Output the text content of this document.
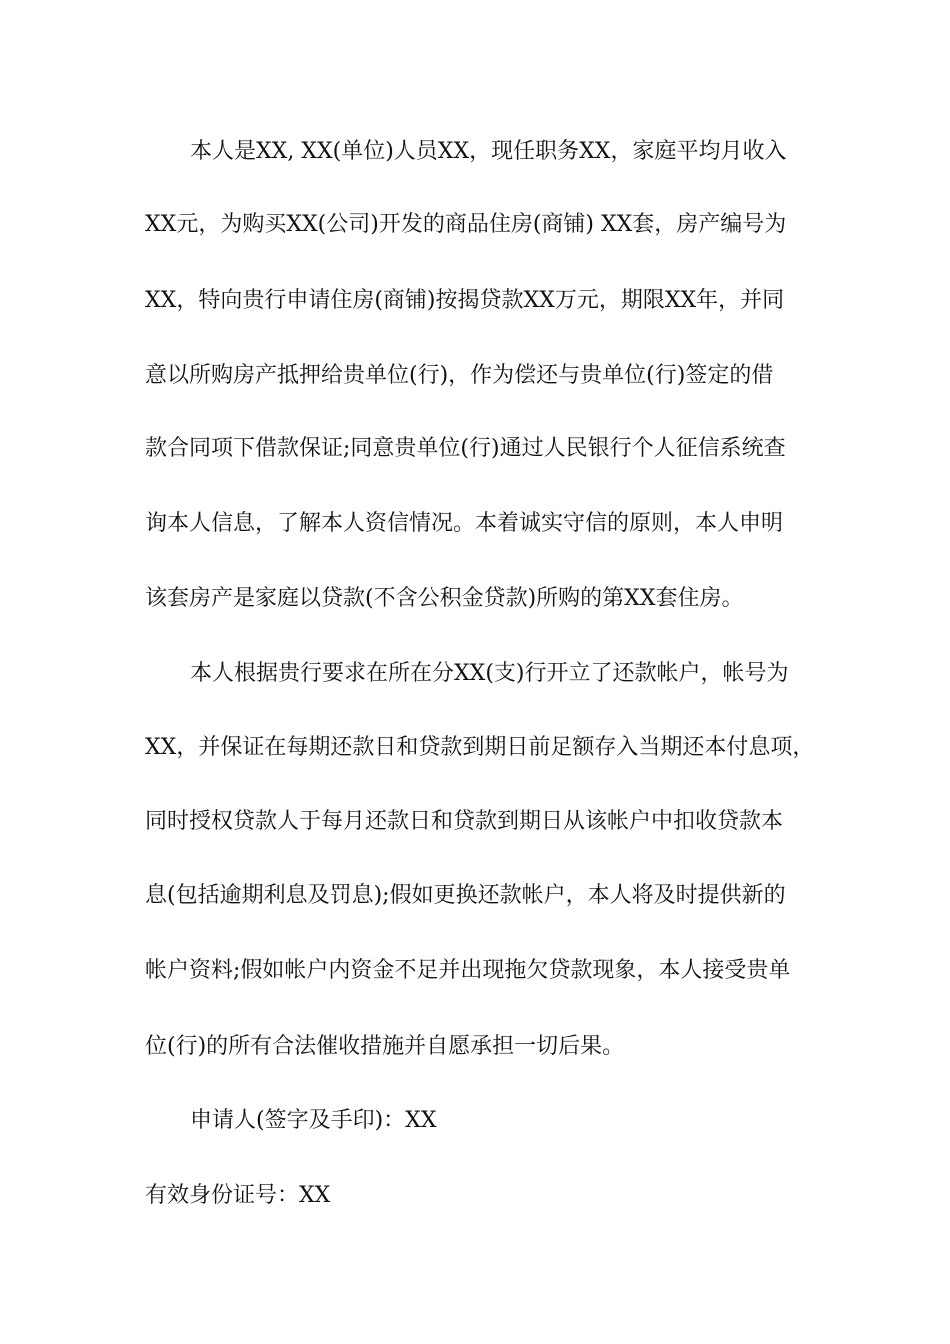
本人是XX, XX(单位)人员XX，现任职务XX，家庭平均月收入
XX元，为购买XX(公司)开发的商品住房(商铺) XX套，房产编号为
XX，特向贵行申请住房(商铺)按揭贷款XX万元，期限XX年，并同
意以所购房产抵押给贵单位(行)，作为偿还与贵单位(行)签定的借
款合同项下借款保证;同意贵单位(行)通过人民银行个人征信系统查
询本人信息，了解本人资信情况。本着诚实守信的原则，本人申明
该套房产是家庭以贷款(不含公积金贷款)所购的第XX套住房。
本人根据贵行要求在所在分XX(支)行开立了还款帐户，帐号为
XX，并保证在每期还款日和贷款到期日前足额存入当期还本付息项，
同时授权贷款人于每月还款日和贷款到期日从该帐户中扣收贷款本
息(包括逾期利息及罚息);假如更换还款帐户，本人将及时提供新的
帐户资料;假如帐户内资金不足并出现拖欠贷款现象，本人接受贵单
位(行)的所有合法催收措施并自愿承担一切后果。
申请人(签字及手印)：XX
有效身份证号：XX
